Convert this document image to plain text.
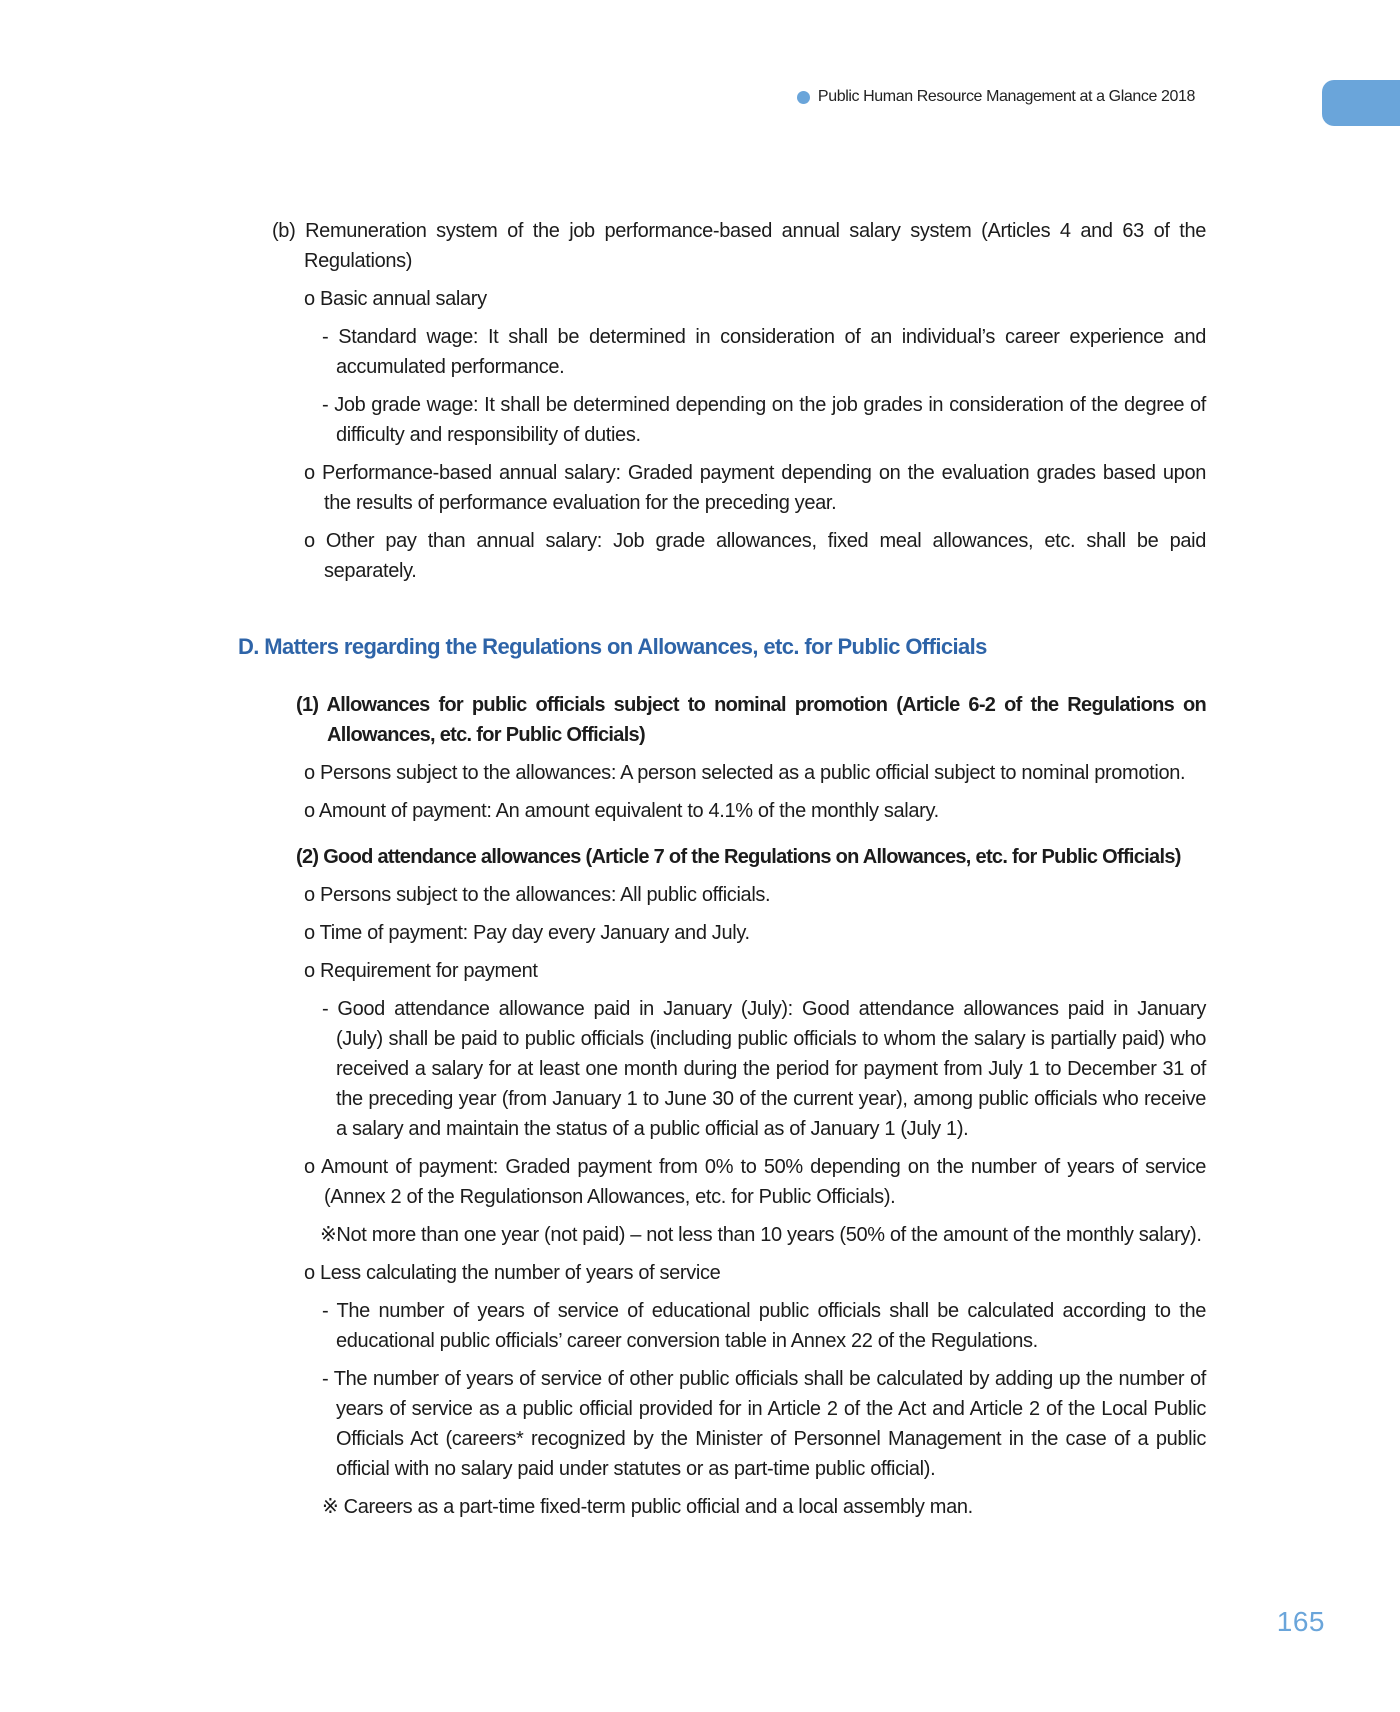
Public Human Resource Management at a Glance 2018

(b) Remuneration system of the job performance-based annual salary system (Articles 4 and 63 of the Regulations)

o Basic annual salary

- Standard wage: It shall be determined in consideration of an individual’s career experience and accumulated performance.

- Job grade wage: It shall be determined depending on the job grades in consideration of the degree of difficulty and responsibility of duties.

o Performance-based annual salary: Graded payment depending on the evaluation grades based upon the results of performance evaluation for the preceding year.

o Other pay than annual salary: Job grade allowances, fixed meal allowances, etc. shall be paid separately.

D. Matters regarding the Regulations on Allowances, etc. for Public Officials

(1) Allowances for public officials subject to nominal promotion (Article 6-2 of the Regulations on Allowances, etc. for Public Officials)

o Persons subject to the allowances: A person selected as a public official subject to nominal promotion.

o Amount of payment: An amount equivalent to 4.1% of the monthly salary.

(2) Good attendance allowances (Article 7 of the Regulations on Allowances, etc. for Public Officials)

o Persons subject to the allowances: All public officials.

o Time of payment: Pay day every January and July.

o Requirement for payment

- Good attendance allowance paid in January (July): Good attendance allowances paid in January (July) shall be paid to public officials (including public officials to whom the salary is partially paid) who received a salary for at least one month during the period for payment from July 1 to December 31 of the preceding year (from January 1 to June 30 of the current year), among public officials who receive a salary and maintain the status of a public official as of January 1 (July 1).

o Amount of payment: Graded payment from 0% to 50% depending on the number of years of service (Annex 2 of the Regulationson Allowances, etc. for Public Officials).

※Not more than one year (not paid) – not less than 10 years (50% of the amount of the monthly salary).

o Less calculating the number of years of service

- The number of years of service of educational public officials shall be calculated according to the educational public officials’ career conversion table in Annex 22 of the Regulations.

- The number of years of service of other public officials shall be calculated by adding up the number of years of service as a public official provided for in Article 2 of the Act and Article 2 of the Local Public Officials Act (careers* recognized by the Minister of Personnel Management in the case of a public official with no salary paid under statutes or as part-time public official).

※ Careers as a part-time fixed-term public official and a local assembly man.

165
